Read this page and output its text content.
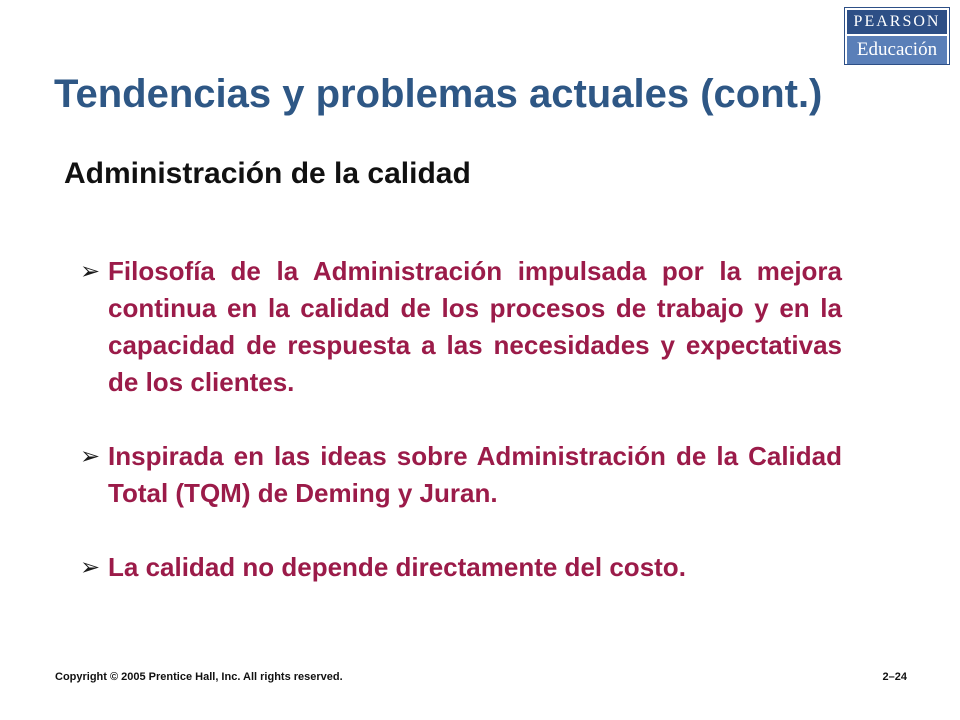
PEARSON
Educación
Tendencias y problemas actuales (cont.)
Administración de la calidad
➢ Filosofía de la Administración impulsada por la mejora continua en la calidad de los procesos de trabajo y en la capacidad de respuesta a las necesidades y expectativas de los clientes.
➢ Inspirada en las ideas sobre Administración de la Calidad Total (TQM) de Deming y Juran.
➢ La calidad no depende directamente del costo.
Copyright © 2005 Prentice Hall, Inc. All rights reserved.	2–24
